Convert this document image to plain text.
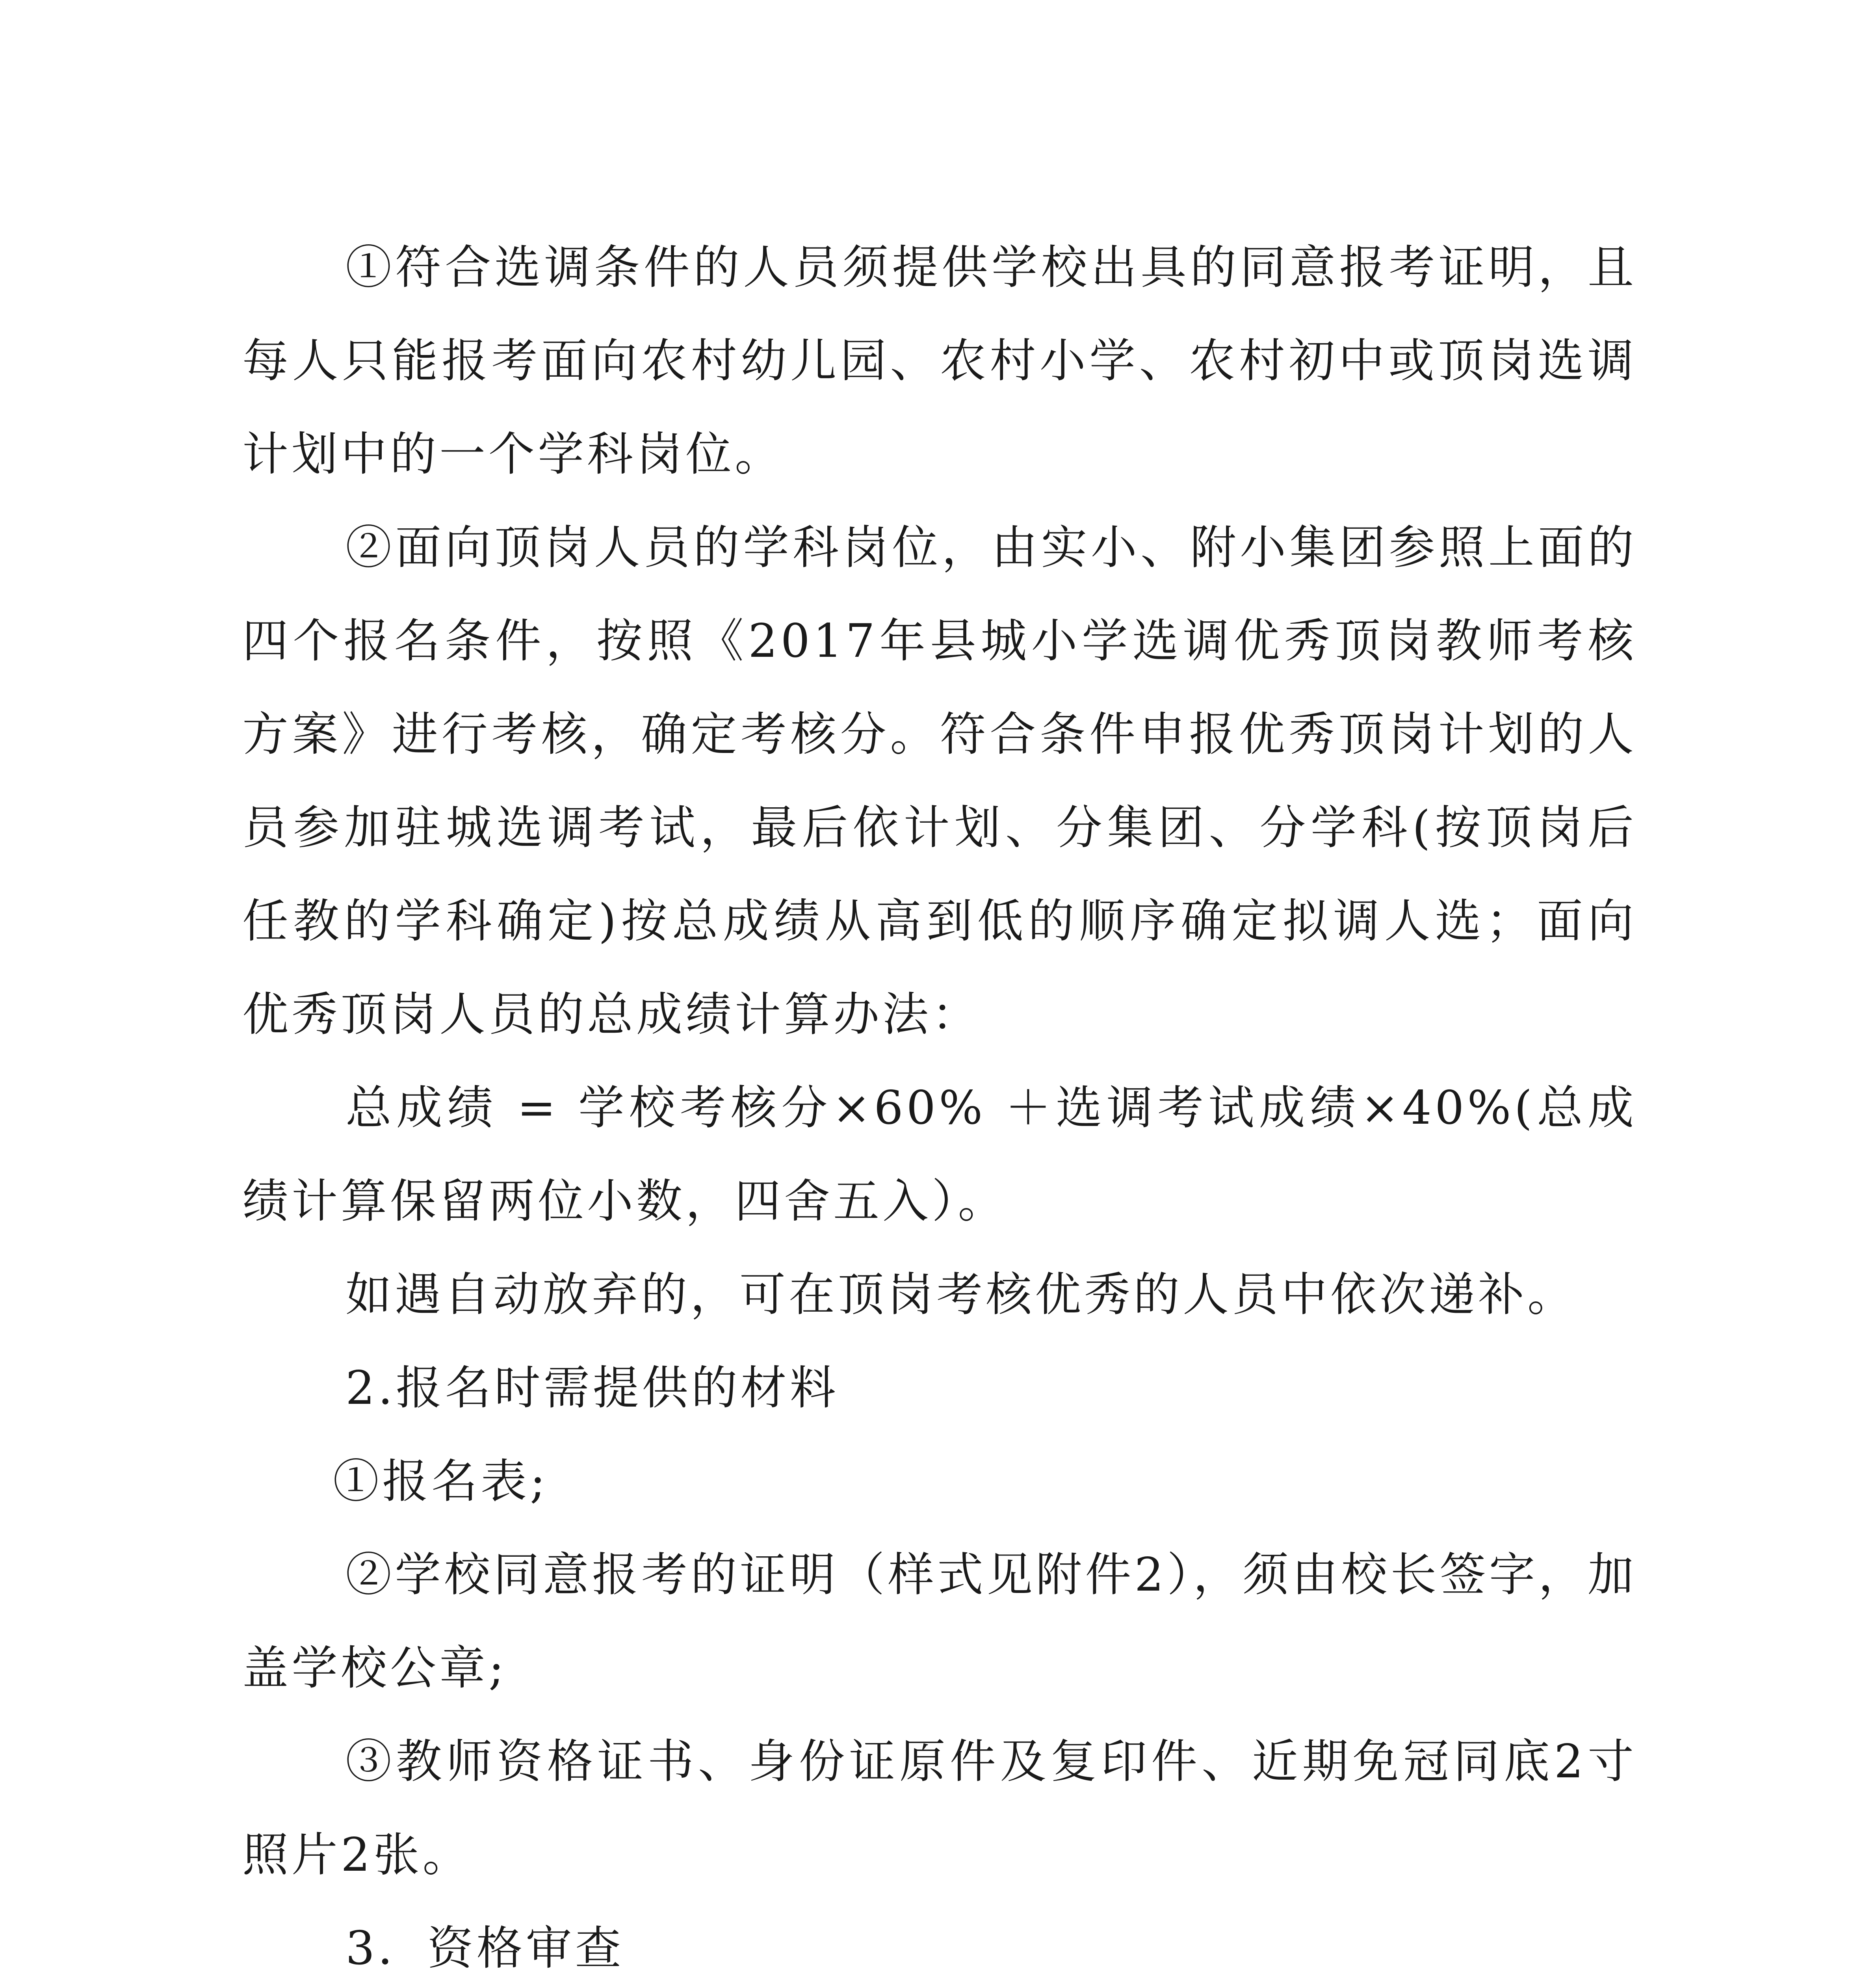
①符合选调条件的人员须提供学校出具的同意报考证明，且每人只能报考面向农村幼儿园、农村小学、农村初中或顶岗选调计划中的一个学科岗位。

②面向顶岗人员的学科岗位，由实小、附小集团参照上面的四个报名条件，按照《2017年县城小学选调优秀顶岗教师考核方案》进行考核，确定考核分。符合条件申报优秀顶岗计划的人员参加驻城选调考试，最后依计划、分集团、分学科(按顶岗后任教的学科确定)按总成绩从高到低的顺序确定拟调人选；面向优秀顶岗人员的总成绩计算办法：

总成绩 = 学校考核分×60% ＋选调考试成绩×40%(总成绩计算保留两位小数，四舍五入）。

如遇自动放弃的，可在顶岗考核优秀的人员中依次递补。

2.报名时需提供的材料

①报名表;

②学校同意报考的证明（样式见附件2），须由校长签字，加盖学校公章;

③教师资格证书、身份证原件及复印件、近期免冠同底2寸照片2张。

3．资格审查
